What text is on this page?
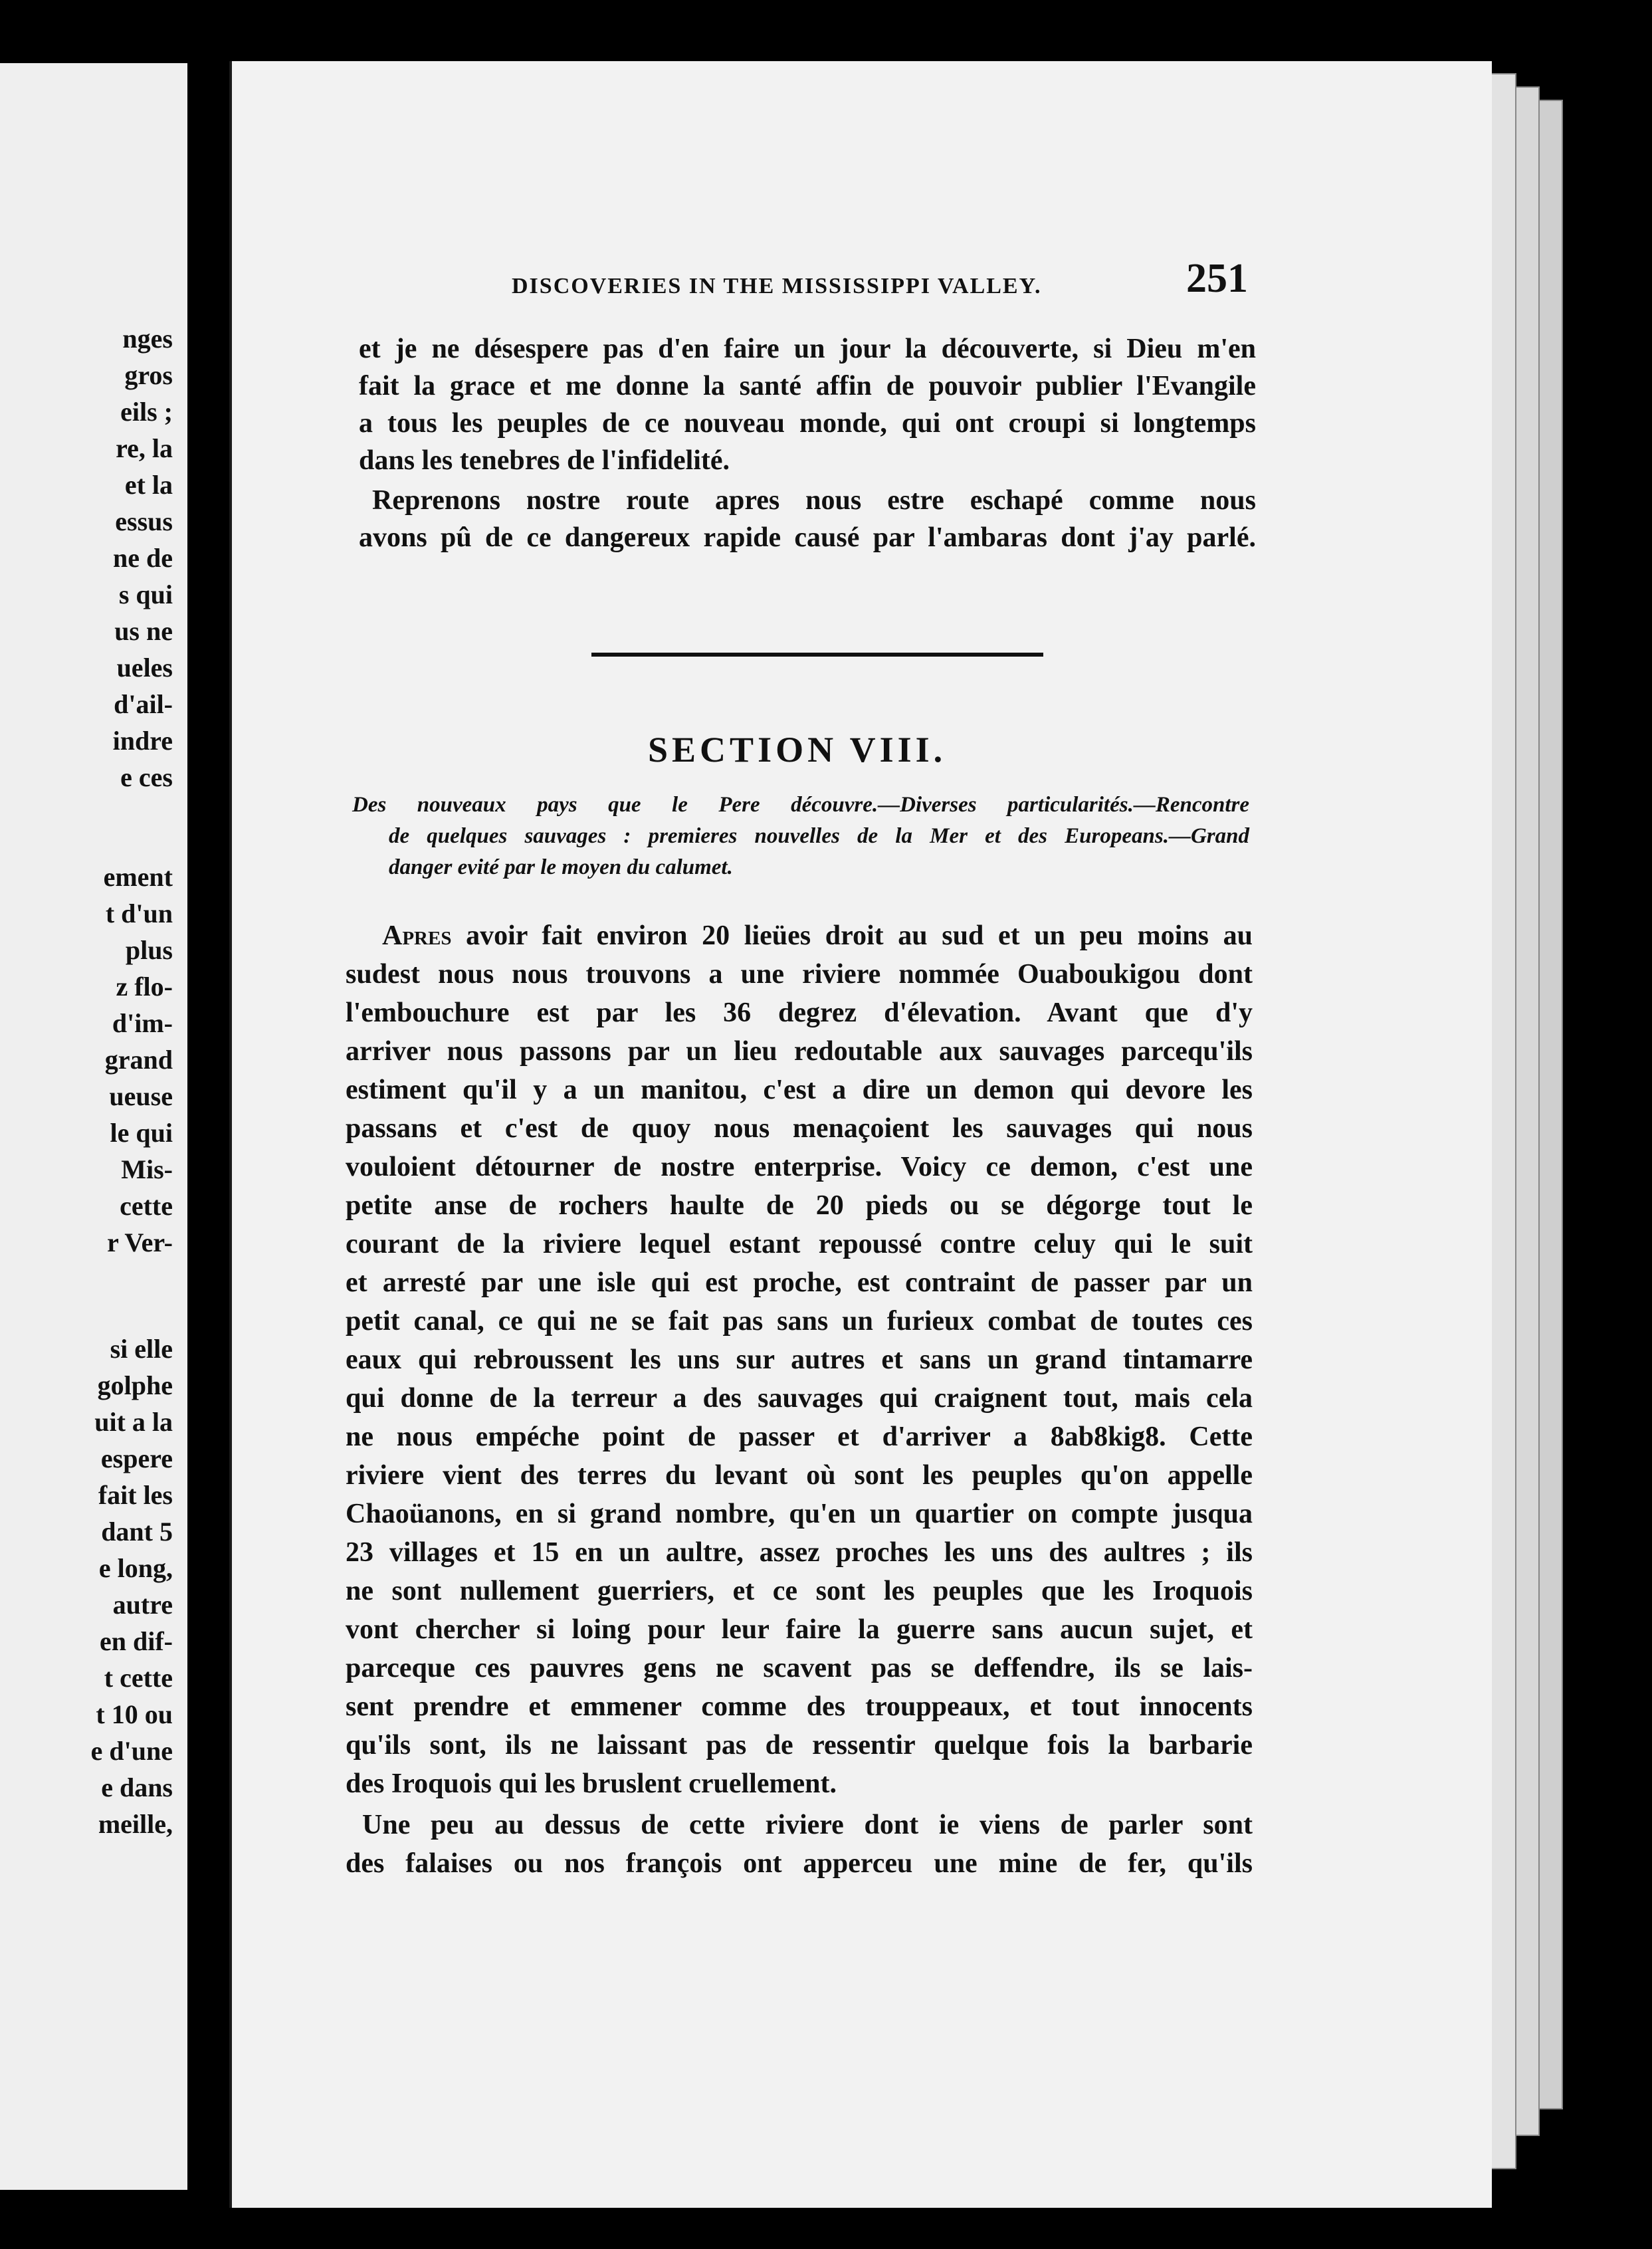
nges
gros
eils ;
re, la
et la
essus
ne de
s qui
us ne
ueles
d'ail-
indre
e ces
ement
t d'un
plus
z flo-
d'im-
grand
ueuse
le qui
Mis-
cette
r Ver-
si elle
golphe
uit a la
espere
fait les
dant 5
e long,
autre
en dif-
t cette
t 10 ou
e d'une
e dans
meille,
DISCOVERIES IN THE MISSISSIPPI VALLEY.	251
et je ne désespere pas d'en faire un jour la découverte, si Dieu m'en
fait la grace et me donne la santé affin de pouvoir publier l'Evangile
a tous les peuples de ce nouveau monde, qui ont croupi si longtemps
dans les tenebres de l'infidelité.
Reprenons nostre route apres nous estre eschapé comme nous
avons pû de ce dangereux rapide causé par l'ambaras dont j'ay parlé.
SECTION VIII.
Des nouveaux pays que le Pere découvre.—Diverses particularités.—Rencontre
de quelques sauvages : premieres nouvelles de la Mer et des Europeans.—Grand
danger evité par le moyen du calumet.
Apres avoir fait environ 20 lieües droit au sud et un peu moins au
sudest nous nous trouvons a une riviere nommée Ouaboukigou dont
l'embouchure est par les 36 degrez d'élevation. Avant que d'y
arriver nous passons par un lieu redoutable aux sauvages parcequ'ils
estiment qu'il y a un manitou, c'est a dire un demon qui devore les
passans et c'est de quoy nous menaçoient les sauvages qui nous
vouloient détourner de nostre enterprise. Voicy ce demon, c'est une
petite anse de rochers haulte de 20 pieds ou se dégorge tout le
courant de la riviere lequel estant repoussé contre celuy qui le suit
et arresté par une isle qui est proche, est contraint de passer par un
petit canal, ce qui ne se fait pas sans un furieux combat de toutes ces
eaux qui rebroussent les uns sur autres et sans un grand tintamarre
qui donne de la terreur a des sauvages qui craignent tout, mais cela
ne nous empéche point de passer et d'arriver a 8ab8kig8. Cette
riviere vient des terres du levant où sont les peuples qu'on appelle
Chaoüanons, en si grand nombre, qu'en un quartier on compte jusqua
23 villages et 15 en un aultre, assez proches les uns des aultres ; ils
ne sont nullement guerriers, et ce sont les peuples que les Iroquois
vont chercher si loing pour leur faire la guerre sans aucun sujet, et
parceque ces pauvres gens ne scavent pas se deffendre, ils se lais-
sent prendre et emmener comme des trouppeaux, et tout innocents
qu'ils sont, ils ne laissant pas de ressentir quelque fois la barbarie
des Iroquois qui les bruslent cruellement.
Une peu au dessus de cette riviere dont ie viens de parler sont
des falaises ou nos françois ont apperceu une mine de fer, qu'ils
